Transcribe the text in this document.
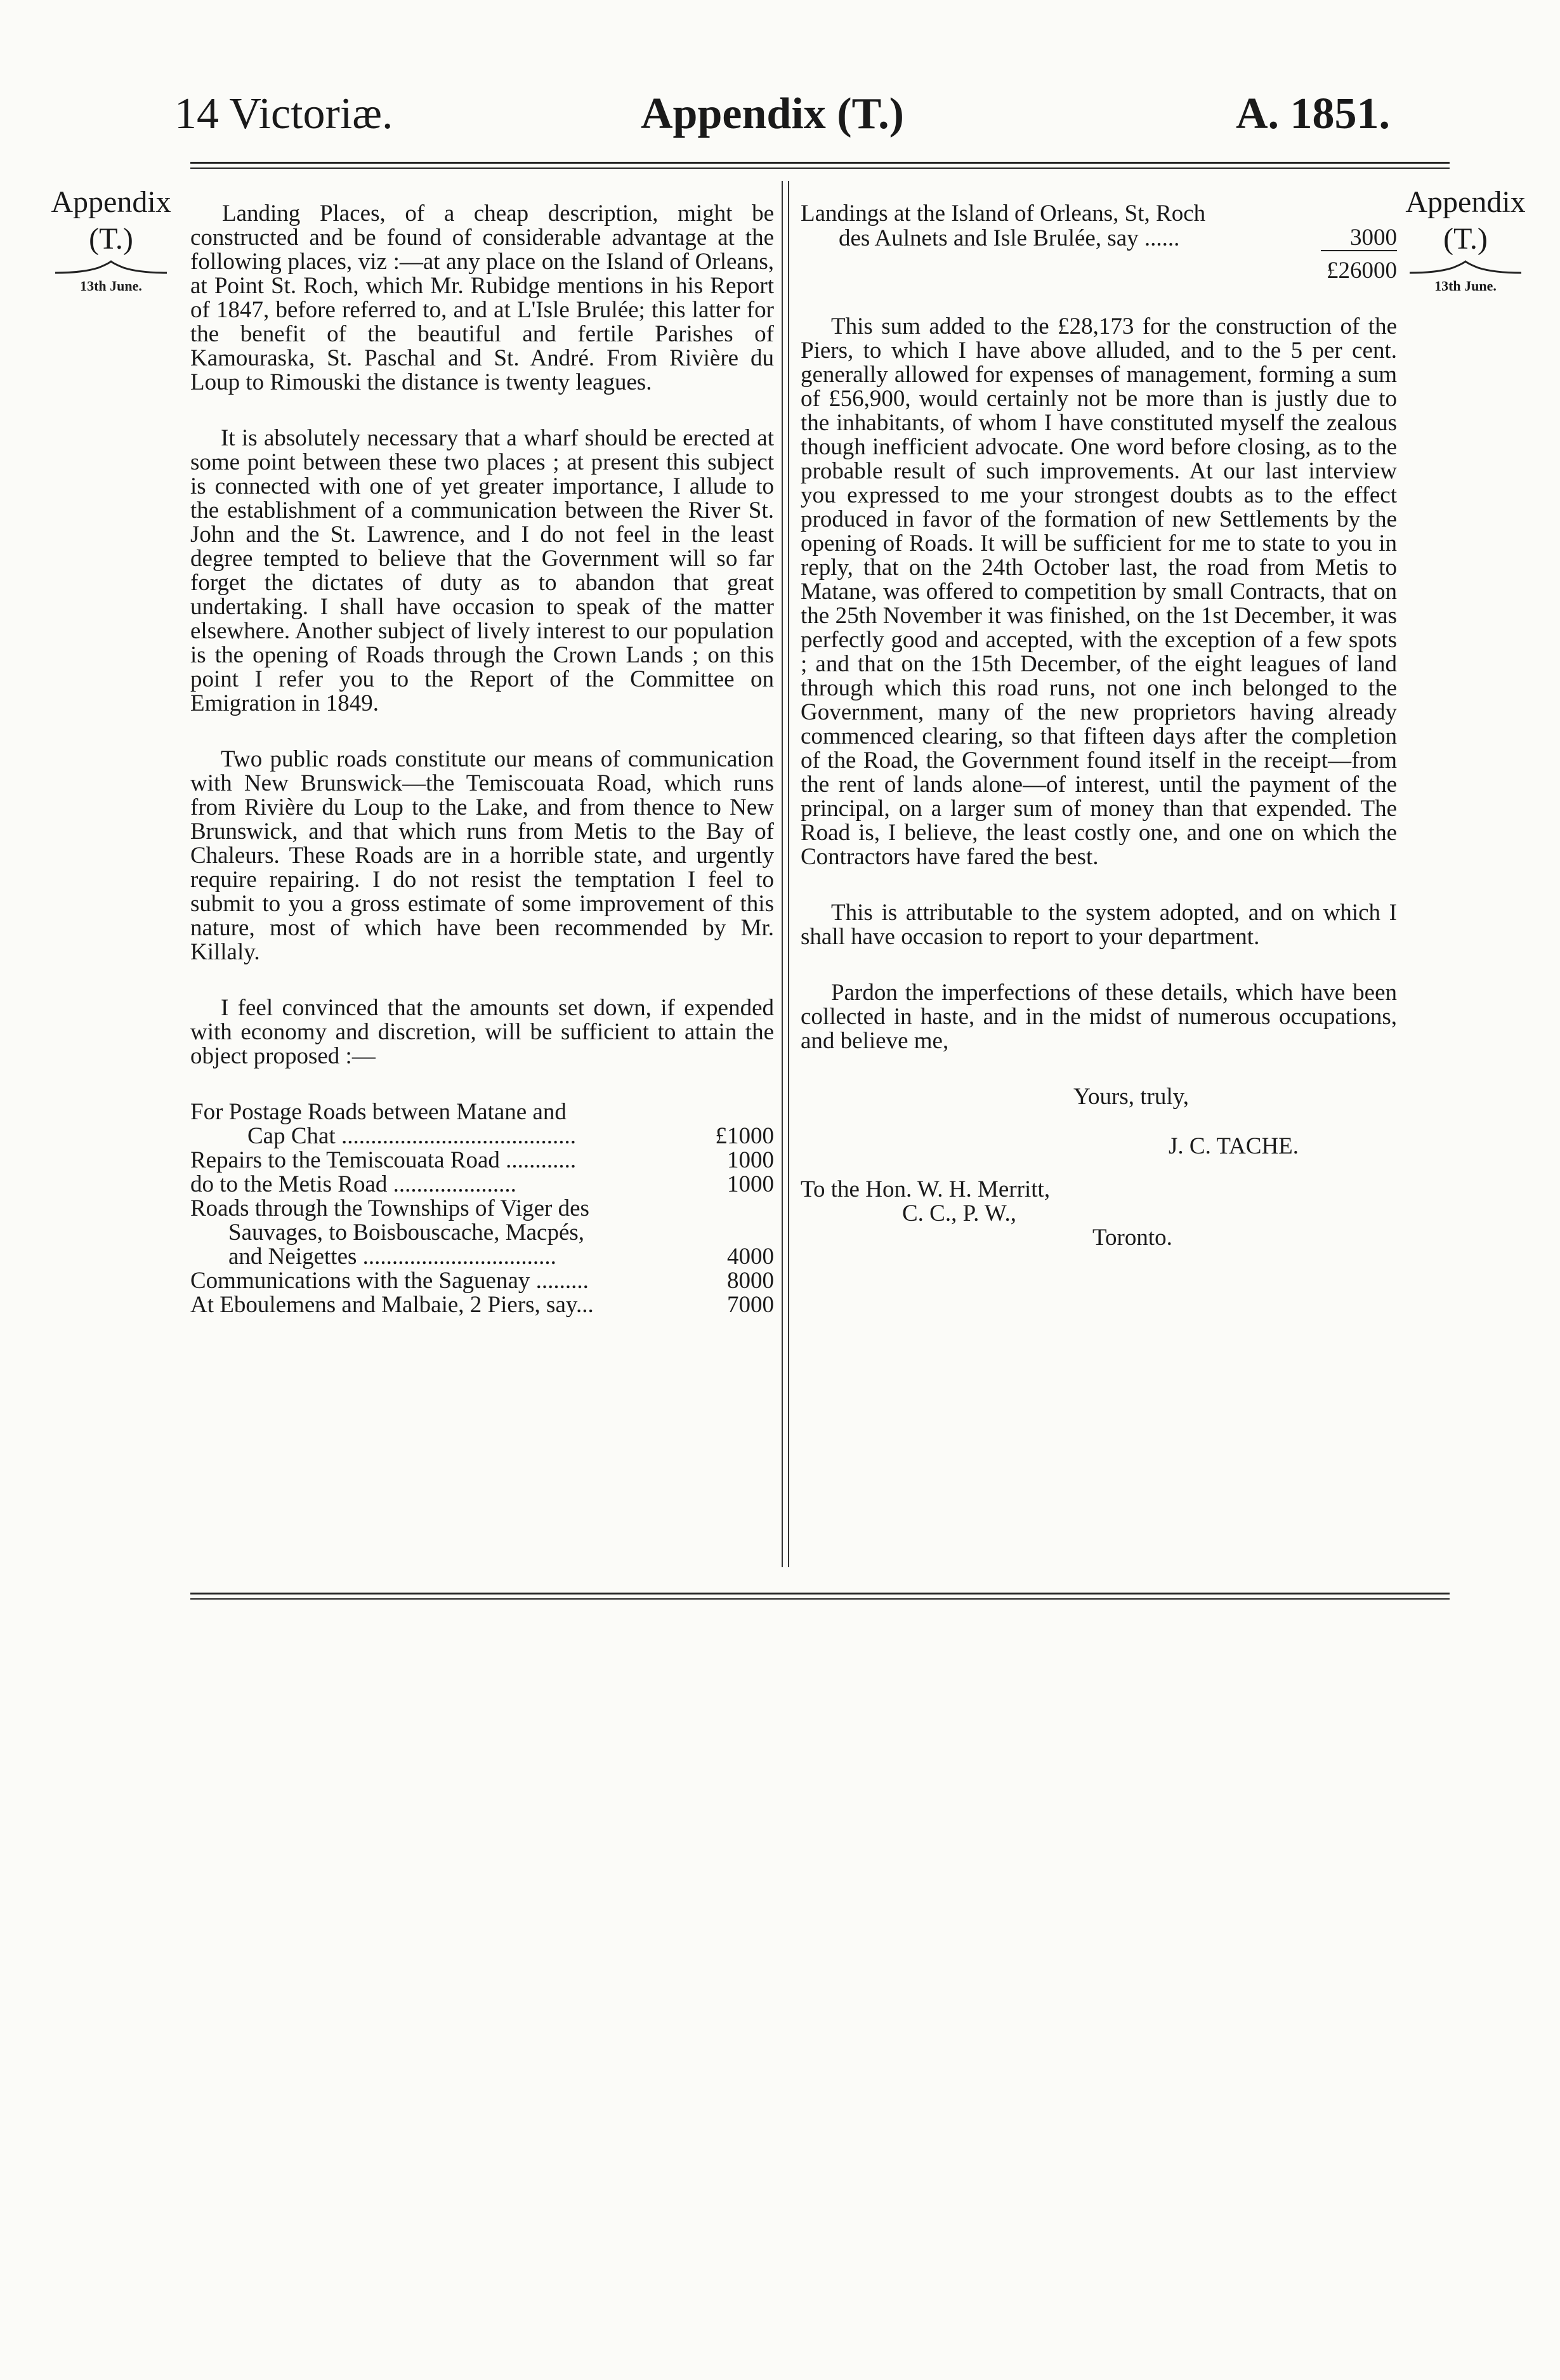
14 Victoriæ.	Appendix (T.)	A. 1851.
Appendix
(T.)
13th June.
Appendix
(T.)
13th June.

Landing Places, of a cheap description, might be constructed and be found of considerable advantage at the following places, viz :—at any place on the Island of Orleans, at Point St. Roch, which Mr. Rubidge mentions in his Report of 1847, before referred to, and at L'Isle Brulée; this latter for the benefit of the beautiful and fertile Parishes of Kamouraska, St. Paschal and St. André. From Rivière du Loup to Rimouski the distance is twenty leagues.

It is absolutely necessary that a wharf should be erected at some point between these two places ; at present this subject is connected with one of yet greater importance, I allude to the establishment of a communication between the River St. John and the St. Lawrence, and I do not feel in the least degree tempted to believe that the Government will so far forget the dictates of duty as to abandon that great undertaking. I shall have occasion to speak of the matter elsewhere. Another subject of lively interest to our population is the opening of Roads through the Crown Lands ; on this point I refer you to the Report of the Committee on Emigration in 1849.

Two public roads constitute our means of communication with New Brunswick—the Temiscouata Road, which runs from Rivière du Loup to the Lake, and from thence to New Brunswick, and that which runs from Metis to the Bay of Chaleurs. These Roads are in a horrible state, and urgently require repairing. I do not resist the temptation I feel to submit to you a gross estimate of some improvement of this nature, most of which have been recommended by Mr. Killaly.

I feel convinced that the amounts set down, if expended with economy and discretion, will be sufficient to attain the object proposed :—

For Postage Roads between Matane and	
Cap Chat ........................................	£1000
Repairs to the Temiscouata Road ............	1000
do to the Metis Road .....................	1000
Roads through the Townships of Viger des	
Sauvages, to Boisbouscache, Macpés,	
and Neigettes .................................	4000
Communications with the Saguenay .........	8000
At Eboulemens and Malbaie, 2 Piers, say...	7000
Landings at the Island of Orleans, St, Roch	
des Aulnets and Isle Brulée, say ......	3000
	£26000

This sum added to the £28,173 for the construction of the Piers, to which I have above alluded, and to the 5 per cent. generally allowed for expenses of management, forming a sum of £56,900, would certainly not be more than is justly due to the inhabitants, of whom I have constituted myself the zealous though inefficient advocate. One word before closing, as to the probable result of such improvements. At our last interview you expressed to me your strongest doubts as to the effect produced in favor of the formation of new Settlements by the opening of Roads. It will be sufficient for me to state to you in reply, that on the 24th October last, the road from Metis to Matane, was offered to competition by small Contracts, that on the 25th November it was finished, on the 1st December, it was perfectly good and accepted, with the exception of a few spots ; and that on the 15th December, of the eight leagues of land through which this road runs, not one inch belonged to the Government, many of the new proprietors having already commenced clearing, so that fifteen days after the completion of the Road, the Government found itself in the receipt—from the rent of lands alone—of interest, until the payment of the principal, on a larger sum of money than that expended. The Road is, I believe, the least costly one, and one on which the Contractors have fared the best.

This is attributable to the system adopted, and on which I shall have occasion to report to your department.

Pardon the imperfections of these details, which have been collected in haste, and in the midst of numerous occupations, and believe me,

Yours, truly,
J. C. TACHE.
To the Hon. W. H. Merritt,
C. C., P. W.,
Toronto.
